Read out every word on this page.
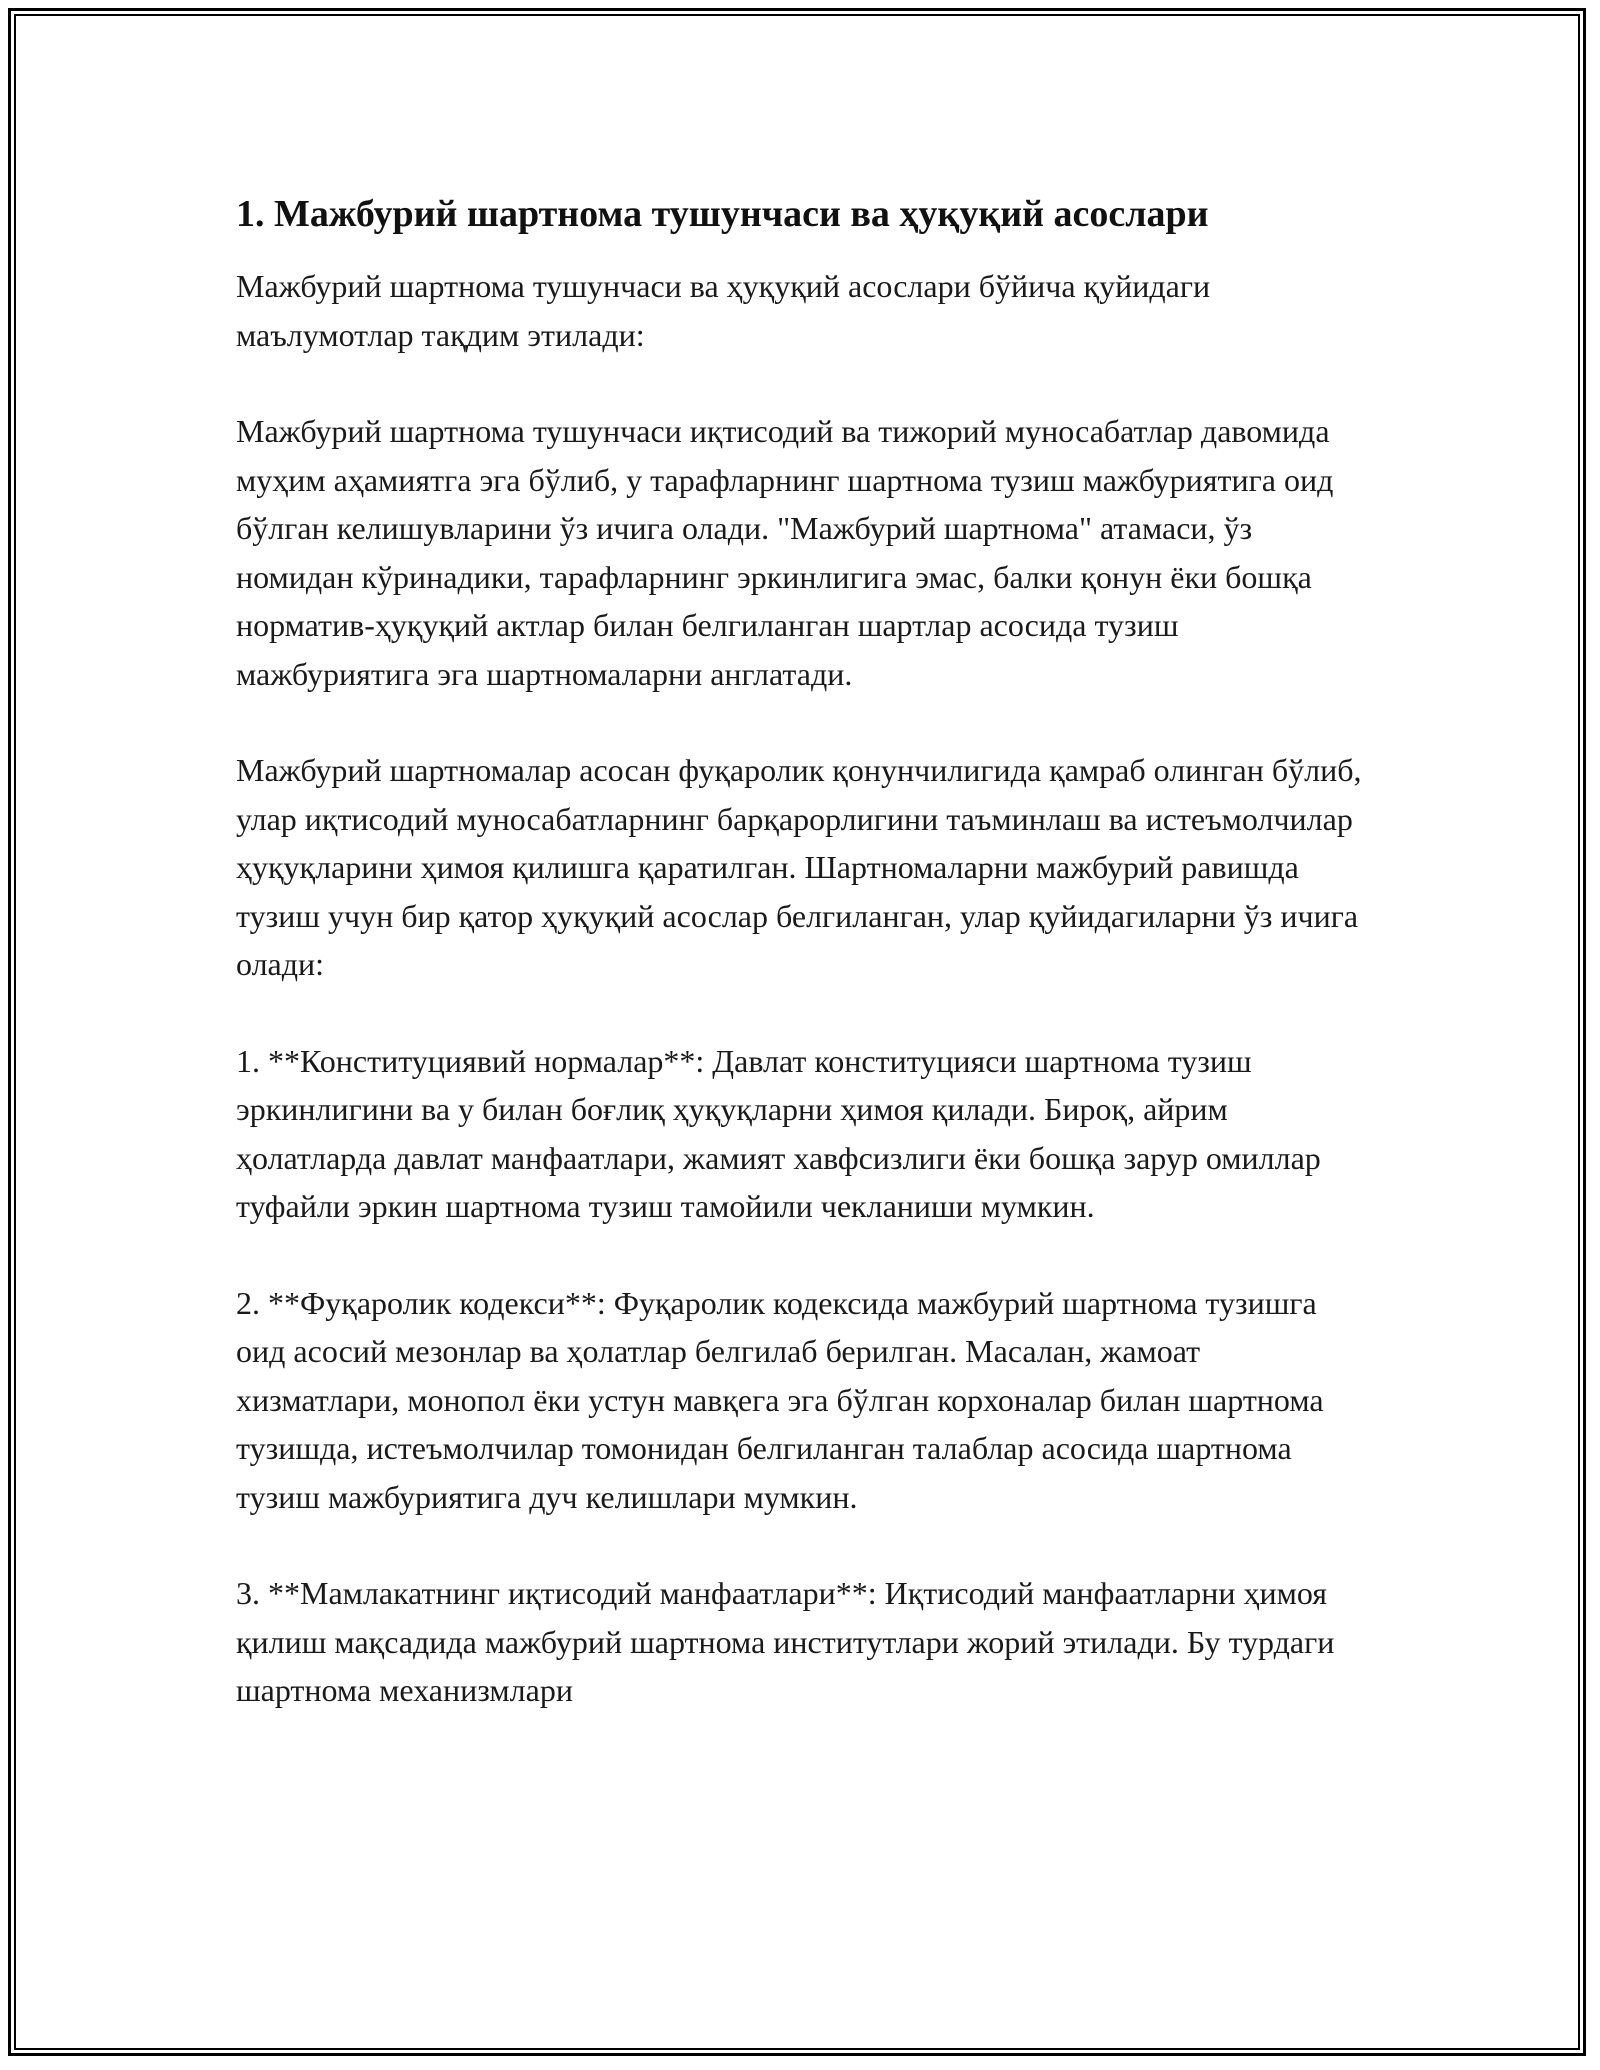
1. Мажбурий шартнома тушунчаси ва ҳуқуқий асослари

Мажбурий шартнома тушунчаси ва ҳуқуқий асослари бўйича қуйидаги маълумотлар тақдим этилади:

Мажбурий шартнома тушунчаси иқтисодий ва тижорий муносабатлар давомида муҳим аҳамиятга эга бўлиб, у тарафларнинг шартнома тузиш мажбуриятига оид бўлган келишувларини ўз ичига олади. "Мажбурий шартнома" атамаси, ўз номидан кўринадики, тарафларнинг эркинлигига эмас, балки қонун ёки бошқа норматив-ҳуқуқий актлар билан белгиланган шартлар асосида тузиш мажбуриятига эга шартномаларни англатади.

Мажбурий шартномалар асосан фуқаролик қонунчилигида қамраб олинган бўлиб, улар иқтисодий муносабатларнинг барқарорлигини таъминлаш ва истеъмолчилар ҳуқуқларини ҳимоя қилишга қаратилган. Шартномаларни мажбурий равишда тузиш учун бир қатор ҳуқуқий асослар белгиланган, улар қуйидагиларни ўз ичига олади:

1. **Конституциявий нормалар**: Давлат конституцияси шартнома тузиш эркинлигини ва у билан боғлиқ ҳуқуқларни ҳимоя қилади. Бироқ, айрим ҳолатларда давлат манфаатлари, жамият хавфсизлиги ёки бошқа зарур омиллар туфайли эркин шартнома тузиш тамойили чекланиши мумкин.

2. **Фуқаролик кодекси**: Фуқаролик кодексида мажбурий шартнома тузишга оид асосий мезонлар ва ҳолатлар белгилаб берилган. Масалан, жамоат хизматлари, монопол ёки устун мавқега эга бўлган корхоналар билан шартнома тузишда, истеъмолчилар томонидан белгиланган талаблар асосида шартнома тузиш мажбуриятига дуч келишлари мумкин.

3. **Мамлакатнинг иқтисодий манфаатлари**: Иқтисодий манфаатларни ҳимоя қилиш мақсадида мажбурий шартнома институтлари жорий этилади. Бу турдаги шартнома механизмлари
